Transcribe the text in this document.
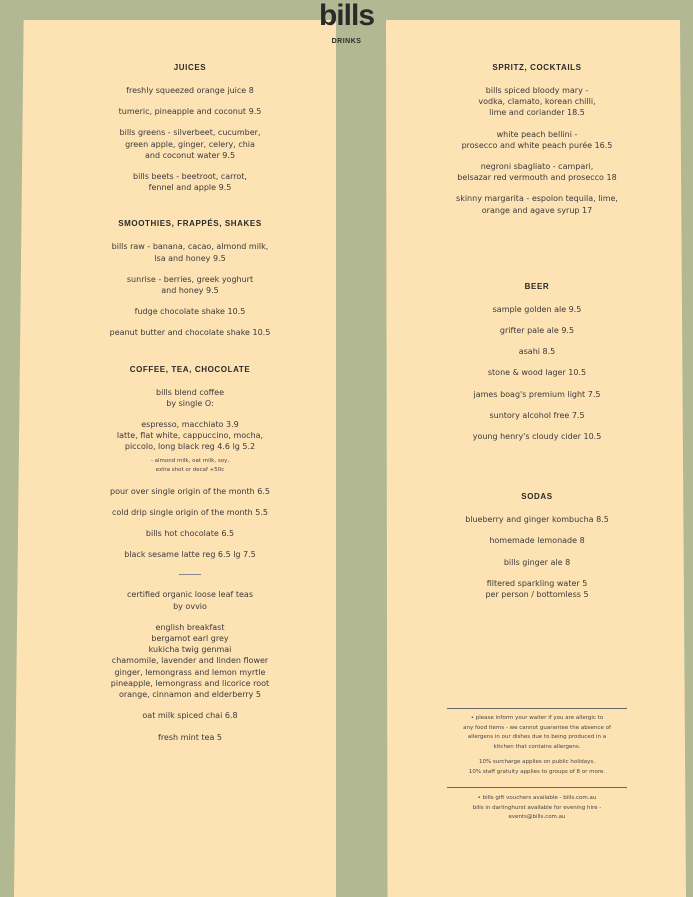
bills
DRINKS
JUICES
freshly squeezed orange juice 8
tumeric, pineapple and coconut 9.5
bills greens - silverbeet, cucumber,
green apple, ginger, celery, chia
and coconut water 9.5
bills beets - beetroot, carrot,
fennel and apple 9.5
SMOOTHIES, FRAPPÉS, SHAKES
bills raw - banana, cacao, almond milk,
lsa and honey 9.5
sunrise - berries, greek yoghurt
and honey 9.5
fudge chocolate shake 10.5
peanut butter and chocolate shake 10.5
COFFEE, TEA, CHOCOLATE
bills blend coffee
by single O:
espresso, macchiato 3.9
latte, flat white, cappuccino, mocha,
piccolo, long black reg 4.6 lg 5.2
- almond milk, oat milk, soy,
extra shot or decaf +50c
pour over single origin of the month 6.5
cold drip single origin of the month 5.5
bills hot chocolate 6.5
black sesame latte reg 6.5 lg 7.5
certified organic loose leaf teas
by ovvio
english breakfast
bergamot earl grey
kukicha twig genmai
chamomile, lavender and linden flower
ginger, lemongrass and lemon myrtle
pineapple, lemongrass and licorice root
orange, cinnamon and elderberry 5
oat milk spiced chai 6.8
fresh mint tea 5
SPRITZ, COCKTAILS
bills spiced bloody mary -
vodka, clamato, korean chilli,
lime and coriander 18.5
white peach bellini -
prosecco and white peach purée 16.5
negroni sbagliato - campari,
belsazar red vermouth and prosecco 18
skinny margarita - espolon tequila, lime,
orange and agave syrup 17
BEER
sample golden ale 9.5
grifter pale ale 9.5
asahi 8.5
stone & wood lager 10.5
james boag's premium light 7.5
suntory alcohol free 7.5
young henry's cloudy cider 10.5
SODAS
blueberry and ginger kombucha 8.5
homemade lemonade 8
bills ginger ale 8
filtered sparkling water 5
per person / bottomless 5
• please inform your waiter if you are allergic to
any food items - we cannot guarantee the absence of
allergens in our dishes due to being produced in a
kitchen that contains allergens.
10% surcharge applies on public holidays.
10% staff gratuity applies to groups of 8 or more.
• bills gift vouchers available - bills.com.au
bills in darlinghurst available for evening hire -
events@bills.com.au
